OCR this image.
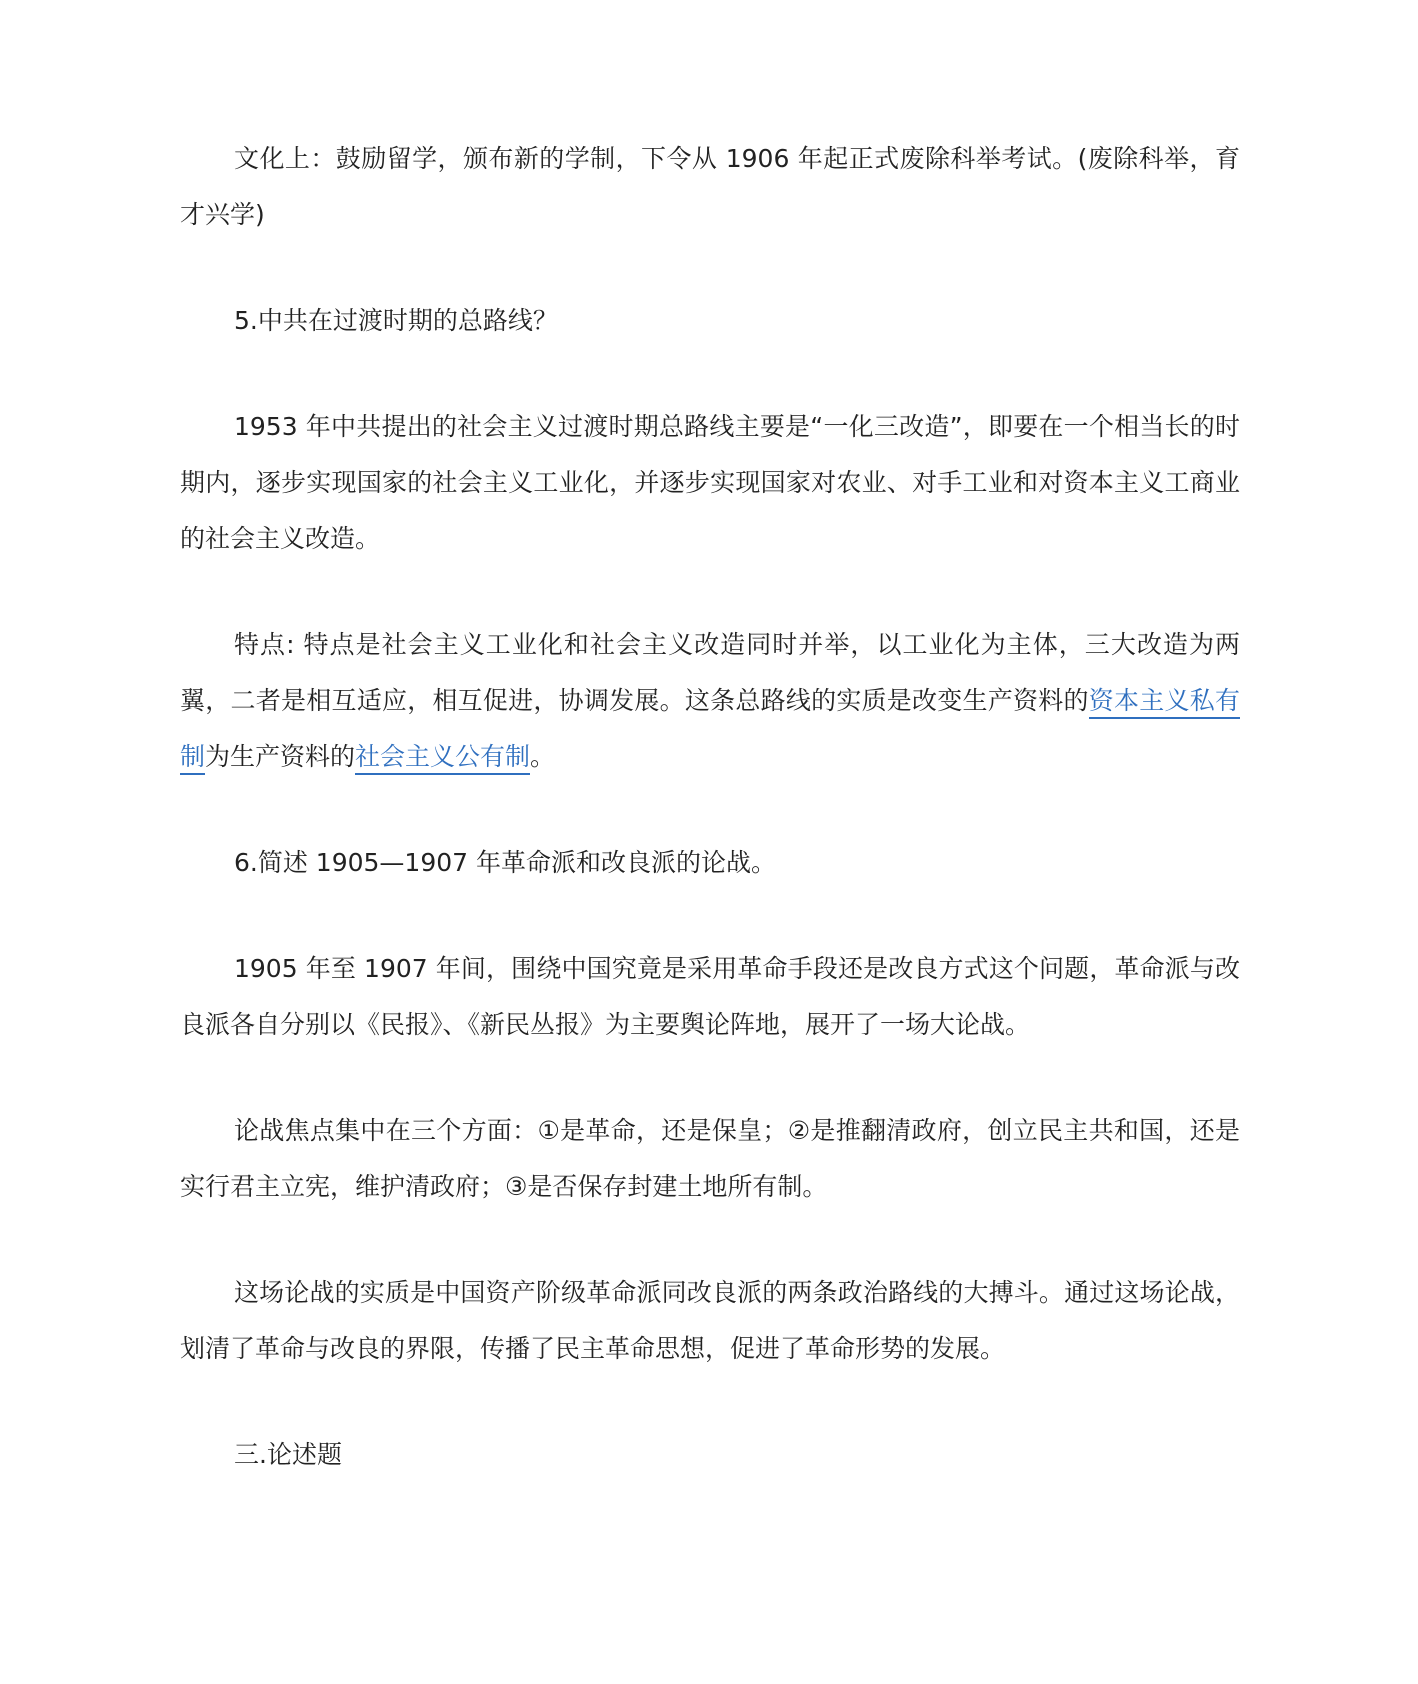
文化上：鼓励留学，颁布新的学制，下令从 1906 年起正式废除科举考试。(废除科举，育才兴学)

5.中共在过渡时期的总路线？

1953 年中共提出的社会主义过渡时期总路线主要是“一化三改造”，即要在一个相当长的时期内，逐步实现国家的社会主义工业化，并逐步实现国家对农业、对手工业和对资本主义工商业的社会主义改造。

特点: 特点是社会主义工业化和社会主义改造同时并举，以工业化为主体，三大改造为两翼，二者是相互适应，相互促进，协调发展。这条总路线的实质是改变生产资料的资本主义私有制为生产资料的社会主义公有制。

6.简述 1905—1907 年革命派和改良派的论战。

1905 年至 1907 年间，围绕中国究竟是采用革命手段还是改良方式这个问题，革命派与改良派各自分别以《民报》、《新民丛报》为主要舆论阵地，展开了一场大论战。

论战焦点集中在三个方面：①是革命，还是保皇；②是推翻清政府，创立民主共和国，还是实行君主立宪，维护清政府；③是否保存封建土地所有制。

这场论战的实质是中国资产阶级革命派同改良派的两条政治路线的大搏斗。通过这场论战，划清了革命与改良的界限，传播了民主革命思想，促进了革命形势的发展。

三.论述题
